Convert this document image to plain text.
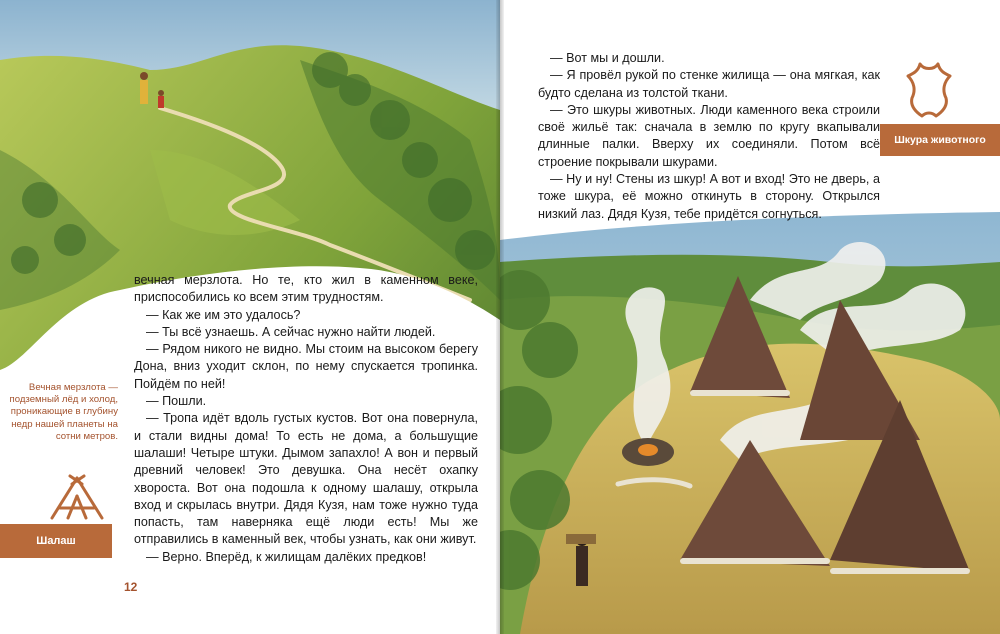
вечная мерзлота. Но те, кто жил в каменном веке, приспособились ко всем этим трудностям.

— Как же им это удалось?

— Ты всё узнаешь. А сейчас нужно найти людей.

— Рядом никого не видно. Мы стоим на высоком берегу Дона, вниз уходит склон, по нему спускается тропинка. Пойдём по ней!

— Пошли.

— Тропа идёт вдоль густых кустов. Вот она повернула, и стали видны дома! То есть не дома, а большущие шалаши! Четыре штуки. Дымом запахло! А вон и первый древний человек! Это девушка. Она несёт охапку хвороста. Вот она подошла к одному шалашу, открыла вход и скрылась внутри. Дядя Кузя, нам тоже нужно туда попасть, там наверняка ещё люди есть! Мы же отправились в каменный век, чтобы узнать, как они живут.

— Верно. Вперёд, к жилищам далёких предков!

Вечная мерзлота — подземный лёд и холод, проникающие в глубину недр нашей планеты на сотни метров.
Шалаш
12

— Вот мы и дошли.

— Я провёл рукой по стенке жилища — она мягкая, как будто сделана из толстой ткани.

— Это шкуры животных. Люди каменного века строили своё жильё так: сначала в землю по кругу вкапывали длинные палки. Вверху их соединяли. Потом всё строение покрывали шкурами.

— Ну и ну! Стены из шкур! А вот и вход! Это не дверь, а тоже шкура, её можно откинуть в сторону. Открылся низкий лаз. Дядя Кузя, тебе придётся согнуться.

Шкура животного
